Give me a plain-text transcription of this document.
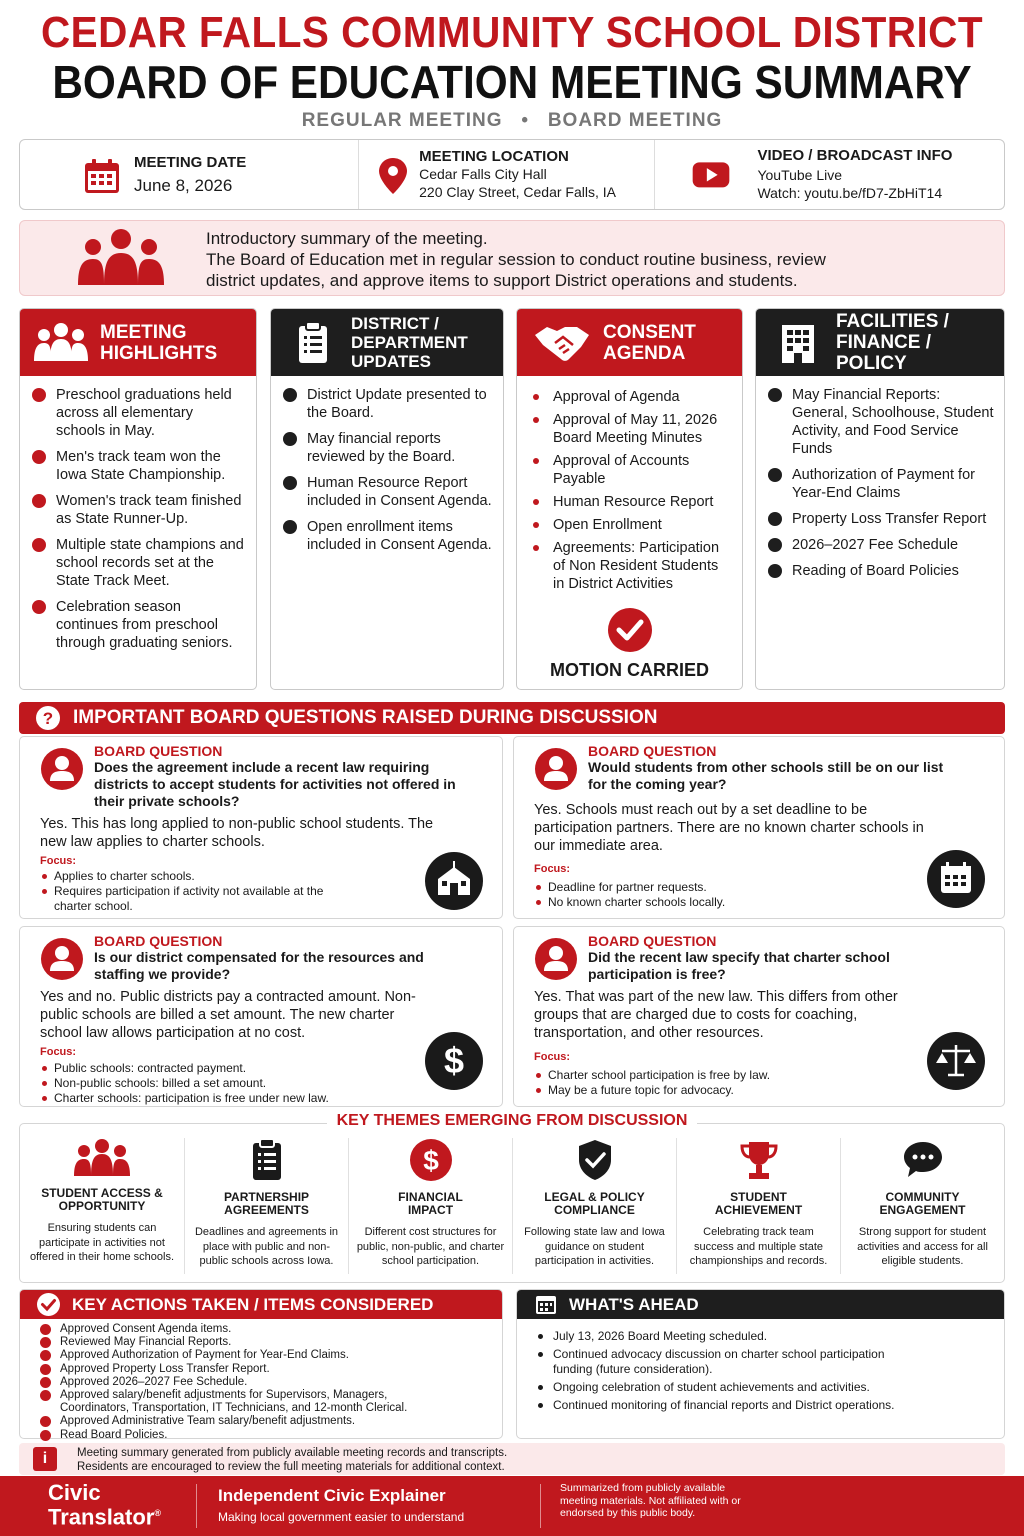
CEDAR FALLS COMMUNITY SCHOOL DISTRICT
BOARD OF EDUCATION MEETING SUMMARY
REGULAR MEETING • BOARD MEETING
MEETING DATE
June 8, 2026
MEETING LOCATION
Cedar Falls City Hall
220 Clay Street, Cedar Falls, IA
VIDEO / BROADCAST INFO
YouTube Live
Watch: youtu.be/fD7-ZbHiT14
Introductory summary of the meeting.
The Board of Education met in regular session to conduct routine business, review
district updates, and approve items to support District operations and students.
MEETING
HIGHLIGHTS
Preschool graduations held across all elementary schools in May.
Men's track team won the Iowa State Championship.
Women's track team finished as State Runner-Up.
Multiple state champions and school records set at the State Track Meet.
Celebration season continues from preschool through graduating seniors.
DISTRICT /
DEPARTMENT
UPDATES
District Update presented to the Board.
May financial reports reviewed by the Board.
Human Resource Report included in Consent Agenda.
Open enrollment items included in Consent Agenda.
CONSENT
AGENDA
Approval of Agenda
Approval of May 11, 2026 Board Meeting Minutes
Approval of Accounts Payable
Human Resource Report
Open Enrollment
Agreements: Participation of Non Resident Students in District Activities
MOTION CARRIED
FACILITIES /
FINANCE / POLICY
May Financial Reports: General, Schoolhouse, Student Activity, and Food Service Funds
Authorization of Payment for Year-End Claims
Property Loss Transfer Report
2026–2027 Fee Schedule
Reading of Board Policies
? IMPORTANT BOARD QUESTIONS RAISED DURING DISCUSSION
BOARD QUESTION
Does the agreement include a recent law requiring districts to accept students for activities not offered in their private schools?
Yes. This has long applied to non-public school students. The new law applies to charter schools.
Focus:
Applies to charter schools.
Requires participation if activity not available at the charter school.
BOARD QUESTION
Would students from other schools still be on our list for the coming year?
Yes. Schools must reach out by a set deadline to be participation partners. There are no known charter schools in our immediate area.
Focus:
Deadline for partner requests.
No known charter schools locally.
BOARD QUESTION
Is our district compensated for the resources and staffing we provide?
Yes and no. Public districts pay a contracted amount. Non-public schools are billed a set amount. The new charter school law allows participation at no cost.
Focus:
Public schools: contracted payment.
Non-public schools: billed a set amount.
Charter schools: participation is free under new law.
$
BOARD QUESTION
Did the recent law specify that charter school participation is free?
Yes. That was part of the new law. This differs from other groups that are charged due to costs for coaching, transportation, and other resources.
Focus:
Charter school participation is free by law.
May be a future topic for advocacy.
KEY THEMES EMERGING FROM DISCUSSION
STUDENT ACCESS &
OPPORTUNITY
Ensuring students can participate in activities not offered in their home schools.
PARTNERSHIP
AGREEMENTS
Deadlines and agreements in place with public and non-public schools across Iowa.
$
FINANCIAL
IMPACT
Different cost structures for public, non-public, and charter school participation.
LEGAL & POLICY
COMPLIANCE
Following state law and Iowa guidance on student participation in activities.
STUDENT
ACHIEVEMENT
Celebrating track team success and multiple state championships and records.
COMMUNITY
ENGAGEMENT
Strong support for student activities and access for all eligible students.
KEY ACTIONS TAKEN / ITEMS CONSIDERED
Approved Consent Agenda items.
Reviewed May Financial Reports.
Approved Authorization of Payment for Year-End Claims.
Approved Property Loss Transfer Report.
Approved 2026–2027 Fee Schedule.
Approved salary/benefit adjustments for Supervisors, Managers, Coordinators, Transportation, IT Technicians, and 12-month Clerical.
Approved Administrative Team salary/benefit adjustments.
Read Board Policies.
WHAT'S AHEAD
July 13, 2026 Board Meeting scheduled.
Continued advocacy discussion on charter school participation funding (future consideration).
Ongoing celebration of student achievements and activities.
Continued monitoring of financial reports and District operations.
i	Meeting summary generated from publicly available meeting records and transcripts.
Residents are encouraged to review the full meeting materials for additional context.
Civic
Translator®
Independent Civic Explainer
Making local government easier to understand
Summarized from publicly available meeting materials. Not affiliated with or endorsed by this public body.
